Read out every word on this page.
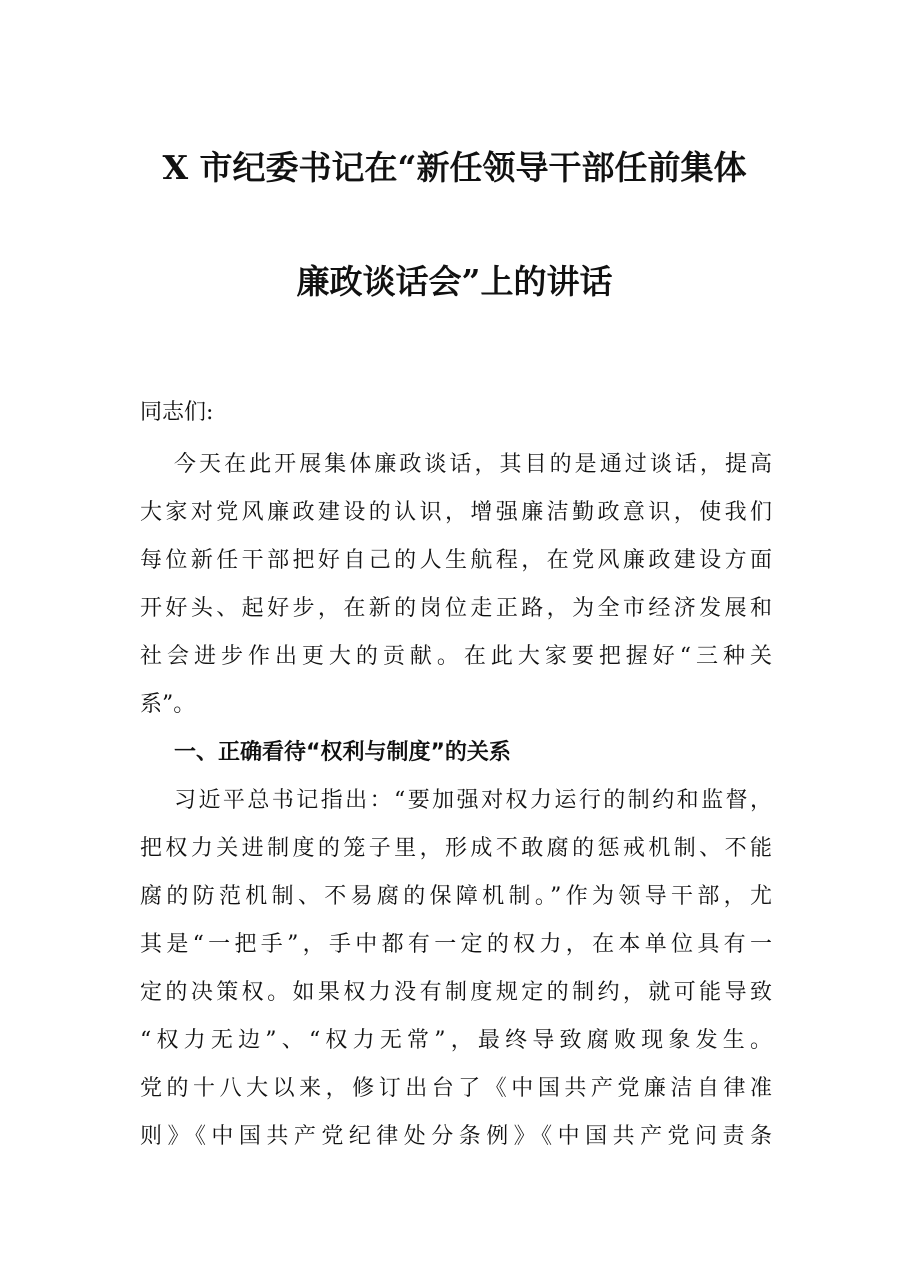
X 市纪委书记在“新任领导干部任前集体
廉政谈话会”上的讲话
同志们:
今天在此开展集体廉政谈话，其目的是通过谈话，提高
大家对党风廉政建设的认识，增强廉洁勤政意识，使我们
每位新任干部把好自己的人生航程，在党风廉政建设方面
开好头、起好步，在新的岗位走正路，为全市经济发展和
社会进步作出更大的贡献。在此大家要把握好“三种关
系”。
一、正确看待“权利与制度”的关系
习近平总书记指出：“要加强对权力运行的制约和监督，
把权力关进制度的笼子里，形成不敢腐的惩戒机制、不能
腐的防范机制、不易腐的保障机制。”作为领导干部，尤
其是“一把手”，手中都有一定的权力，在本单位具有一
定的决策权。如果权力没有制度规定的制约，就可能导致
“权力无边”、“权力无常”，最终导致腐败现象发生。
党的十八大以来，修订出台了《中国共产党廉洁自律准
则》《中国共产党纪律处分条例》《中国共产党问责条
